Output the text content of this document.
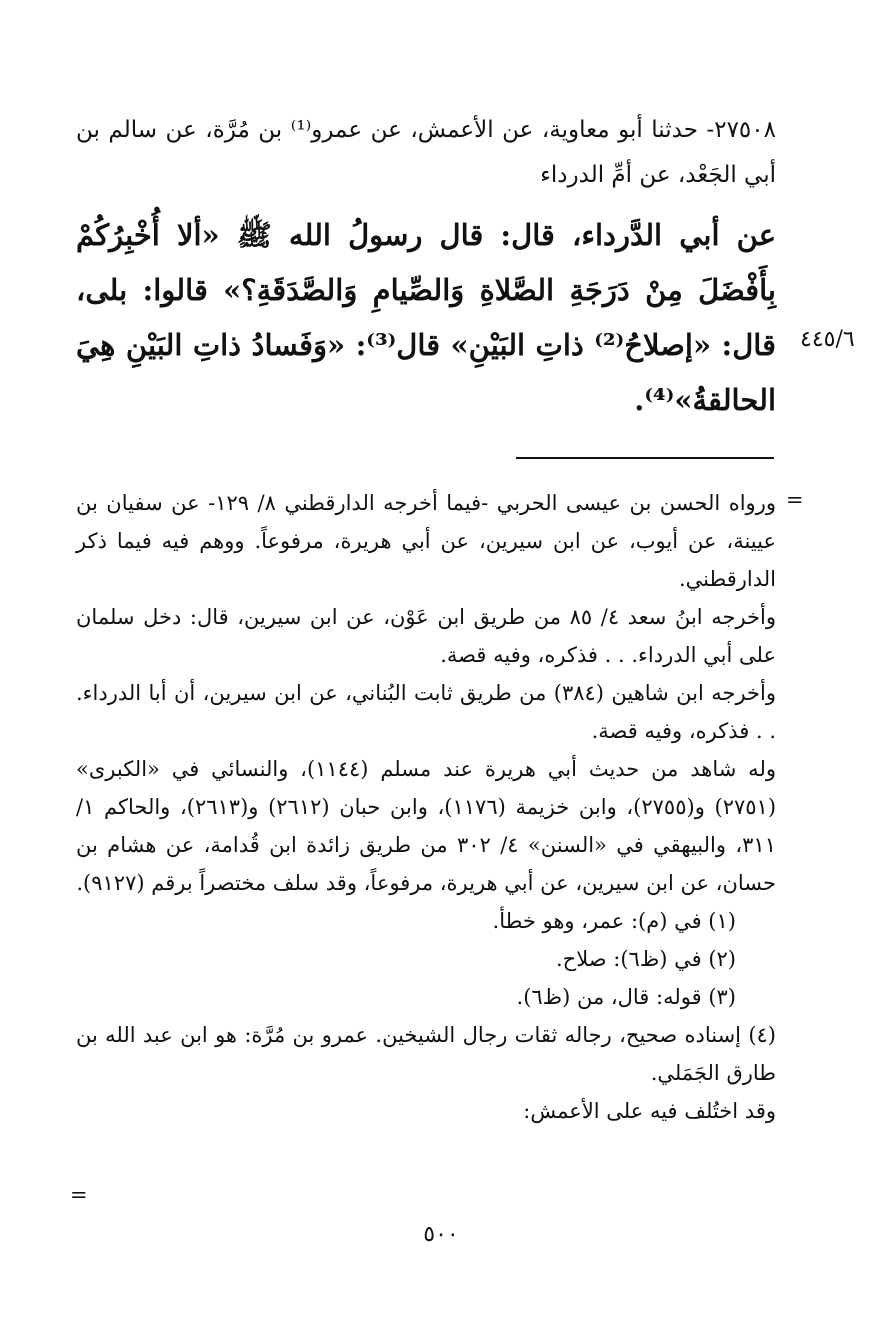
٢٧٥٠٨- حدثنا أبو معاوية، عن الأعمش، عن عمرو⁽¹⁾ بن مُرَّة، عن سالم بن أبي الجَعْد، عن أمِّ الدرداء
عن أبي الدَّرداء، قال: قال رسولُ الله ﷺ «ألا أُخْبِرُكُمْ بِأَفْضَلَ مِنْ دَرَجَةِ الصَّلاةِ وَالصِّيامِ وَالصَّدَقَةِ؟» قالوا: بلى، قال: «إصلاحُ⁽²⁾ ذاتِ البَيْنِ» قال⁽³⁾: «وَفَسادُ ذاتِ البَيْنِ هِيَ الحالقةُ»⁽⁴⁾.
٤٤٥/٦
=

ورواه الحسن بن عيسى الحربي -فيما أخرجه الدارقطني ٨/ ١٢٩- عن سفيان بن عيينة، عن أيوب، عن ابن سيرين، عن أبي هريرة، مرفوعاً. ووهم فيه فيما ذكر الدارقطني.

وأخرجه ابنُ سعد ٤/ ٨٥ من طريق ابن عَوْن، عن ابن سيرين، قال: دخل سلمان على أبي الدرداء. . . فذكره، وفيه قصة.

وأخرجه ابن شاهين (٣٨٤) من طريق ثابت البُناني، عن ابن سيرين، أن أبا الدرداء. . . فذكره، وفيه قصة.

وله شاهد من حديث أبي هريرة عند مسلم (١١٤٤)، والنسائي في «الكبرى» (٢٧٥١) و(٢٧٥٥)، وابن خزيمة (١١٧٦)، وابن حبان (٢٦١٢) و(٢٦١٣)، والحاكم ١/ ٣١١، والبيهقي في «السنن» ٤/ ٣٠٢ من طريق زائدة ابن قُدامة، عن هشام بن حسان، عن ابن سيرين، عن أبي هريرة، مرفوعاً، وقد سلف مختصراً برقم (٩١٢٧).

(١) في (م): عمر، وهو خطأ.

(٢) في (ظ٦): صلاح.

(٣) قوله: قال، من (ظ٦).

(٤) إسناده صحيح، رجاله ثقات رجال الشيخين. عمرو بن مُرَّة: هو ابن عبد الله بن طارق الجَمَلي.

وقد اختُلف فيه على الأعمش:

=
٥٠٠
